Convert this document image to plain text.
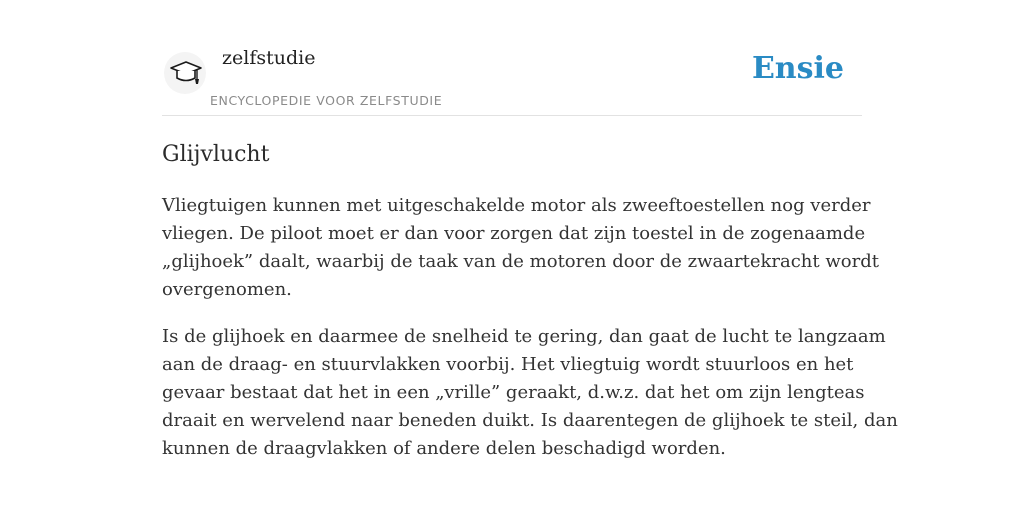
zelfstudie
ENCYCLOPEDIE VOOR ZELFSTUDIE
Ensie
Glijvlucht

Vliegtuigen kunnen met uitgeschakelde motor als zweeftoestellen nog verder
vliegen. De piloot moet er dan voor zorgen dat zijn toestel in de zogenaamde
„glijhoek” daalt, waarbij de taak van de motoren door de zwaartekracht wordt
overgenomen.

Is de glijhoek en daarmee de snelheid te gering, dan gaat de lucht te langzaam
aan de draag- en stuurvlakken voorbij. Het vliegtuig wordt stuurloos en het
gevaar bestaat dat het in een „vrille” geraakt, d.w.z. dat het om zijn lengteas
draait en wervelend naar beneden duikt. Is daarentegen de glijhoek te steil, dan
kunnen de draagvlakken of andere delen beschadigd worden.
